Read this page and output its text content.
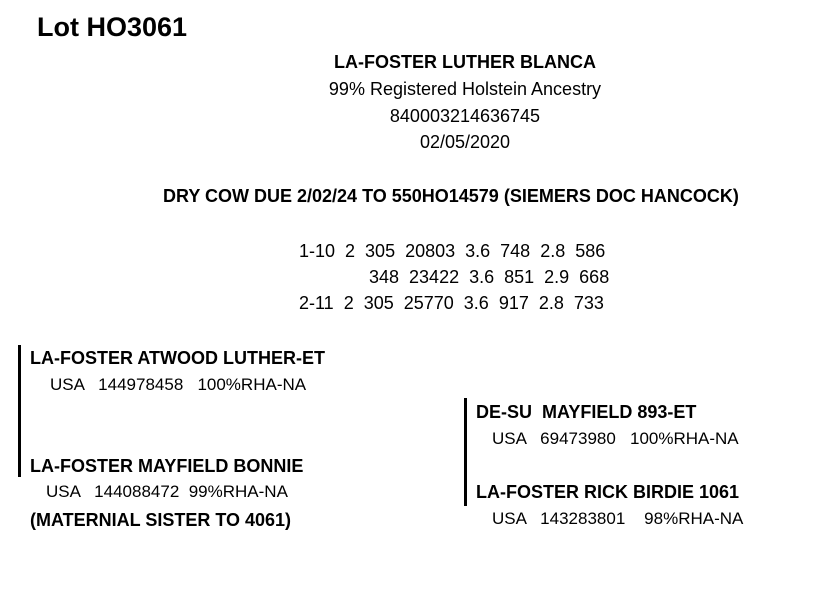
Lot HO3061
LA-FOSTER LUTHER BLANCA
99% Registered Holstein Ancestry
840003214636745
02/05/2020
DRY COW DUE 2/02/24 TO 550HO14579 (SIEMERS DOC HANCOCK)
1-10  2  305  20803  3.6  748  2.8  586
348  23422  3.6  851  2.9  668
2-11  2  305  25770  3.6  917  2.8  733
LA-FOSTER ATWOOD LUTHER-ET
USA   144978458   100%RHA-NA
LA-FOSTER MAYFIELD BONNIE
USA   144088472  99%RHA-NA
(MATERNIAL SISTER TO 4061)
DE-SU  MAYFIELD 893-ET
USA   69473980   100%RHA-NA
LA-FOSTER RICK BIRDIE 1061
USA   143283801    98%RHA-NA
